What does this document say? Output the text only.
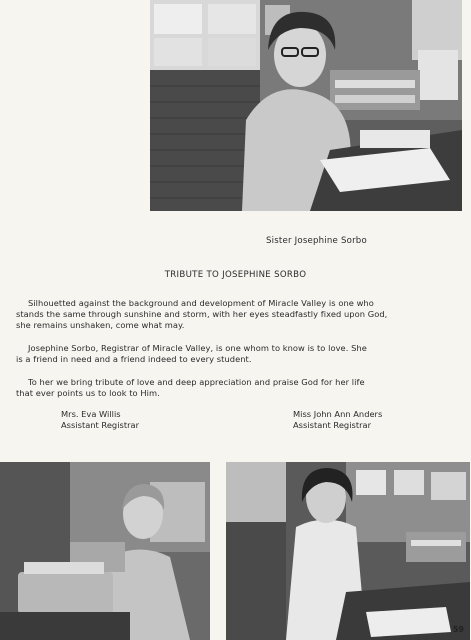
Sister Josephine Sorbo
TRIBUTE TO JOSEPHINE SORBO

Silhouetted against the background and development of Miracle Valley is one who
stands the same through sunshine and storm, with her eyes steadfastly fixed upon God,
she remains unshaken, come what may.

Josephine Sorbo, Registrar of Miracle Valley, is one whom to know is to love. She
is a friend in need and a friend indeed to every student.

To her we bring tribute of love and deep appreciation and praise God for her life
that ever points us to look to Him.

Mrs. Eva Willis
Assistant Registrar
Miss John Ann Anders
Assistant Registrar
59
